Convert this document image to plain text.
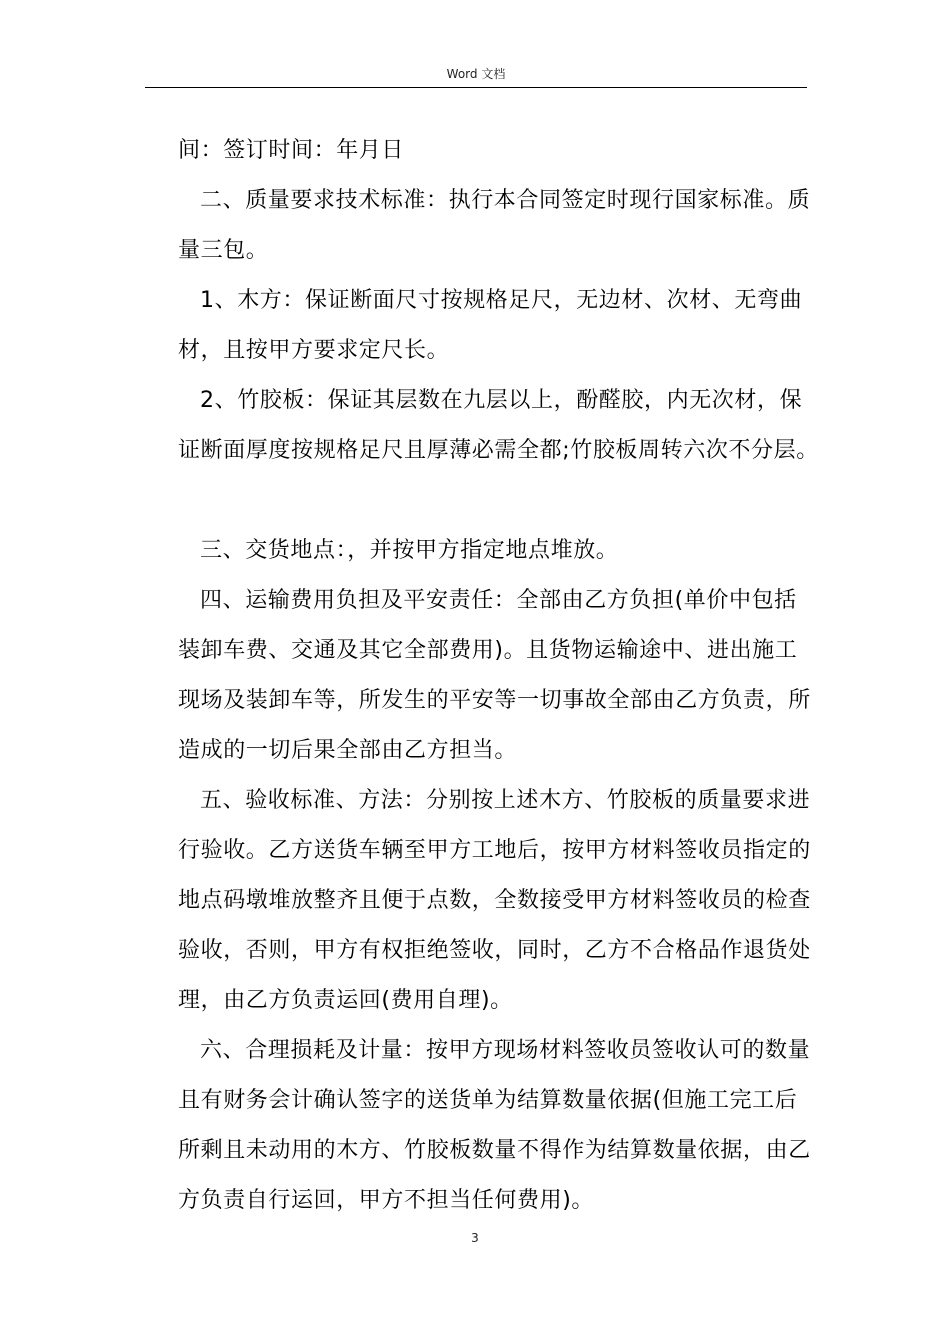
Word 文档

间：签订时间：年月日

二、质量要求技术标准：执行本合同签定时现行国家标准。质

量三包。

1、木方：保证断面尺寸按规格足尺，无边材、次材、无弯曲

材，且按甲方要求定尺长。

2、竹胶板：保证其层数在九层以上，酚醛胶，内无次材，保

证断面厚度按规格足尺且厚薄必需全都;竹胶板周转六次不分层。

三、交货地点：，并按甲方指定地点堆放。

四、运输费用负担及平安责任：全部由乙方负担(单价中包括

装卸车费、交通及其它全部费用)。且货物运输途中、进出施工

现场及装卸车等，所发生的平安等一切事故全部由乙方负责，所

造成的一切后果全部由乙方担当。

五、验收标准、方法：分别按上述木方、竹胶板的质量要求进

行验收。乙方送货车辆至甲方工地后，按甲方材料签收员指定的

地点码墩堆放整齐且便于点数，全数接受甲方材料签收员的检查

验收，否则，甲方有权拒绝签收，同时，乙方不合格品作退货处

理，由乙方负责运回(费用自理)。

六、合理损耗及计量：按甲方现场材料签收员签收认可的数量

且有财务会计确认签字的送货单为结算数量依据(但施工完工后

所剩且未动用的木方、竹胶板数量不得作为结算数量依据，由乙

方负责自行运回，甲方不担当任何费用)。

3
